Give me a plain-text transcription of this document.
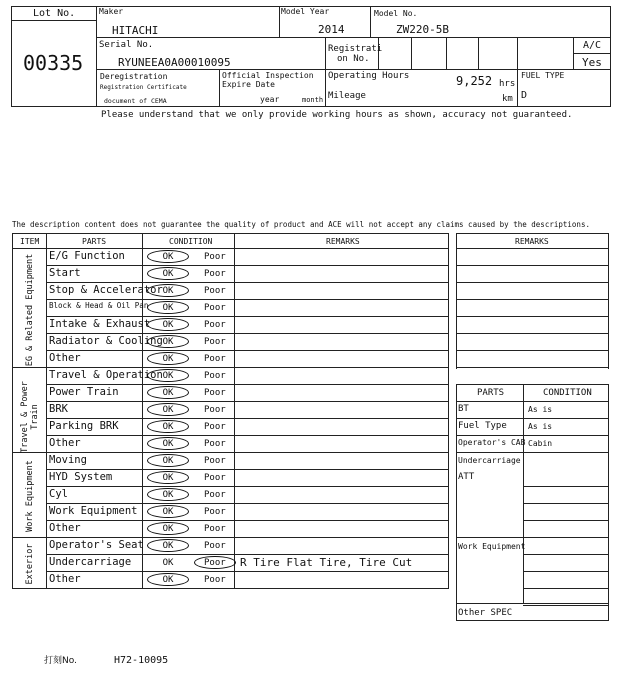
Lot No.
00335
Maker
HITACHI
Model Year
2014
Model No.
ZW220-5B
Serial No.
RYUNEEA0A00010095
Registrati
on No.
A/C
Yes
Deregistration
Registration Certificate
document of CEMA
Official Inspection
Expire Date
year	month
Operating Hours	9,252 hrs
Mileage	km
FUEL TYPE
D
Please understand that we only provide working hours as shown, accuracy not guaranteed.
The description content does not guarantee the quality of product and ACE will not accept any claims caused by the descriptions.
ITEM	PARTS	CONDITION	REMARKS
EG & Related Equipment
Travel & Power Train
Work Equipment
Exterior
E/G Function	OK	Poor
Start	OK	Poor
Stop & Accelerator OK	Poor
Block & Head & Oil Pan	OK	Poor
Intake & Exhaust	OK	Poor
Radiator & Cooling OK	Poor
Other	OK	Poor
Travel & Operation OK	Poor
Power Train	OK	Poor
BRK	OK	Poor
Parking BRK	OK	Poor
Other	OK	Poor
Moving	OK	Poor
HYD System	OK	Poor
Cyl	OK	Poor
Work Equipment	OK	Poor
Other	OK	Poor
Operator's Seat	OK	Poor
Undercarriage	OK	Poor R Tire Flat Tire, Tire Cut
Other	OK	Poor
REMARKS
PARTS	CONDITION
BT	As is
Fuel Type	As is
Operator's CAB Cabin
Undercarriage
ATT
Work Equipment
Other SPEC
打刻No.	H72-10095
